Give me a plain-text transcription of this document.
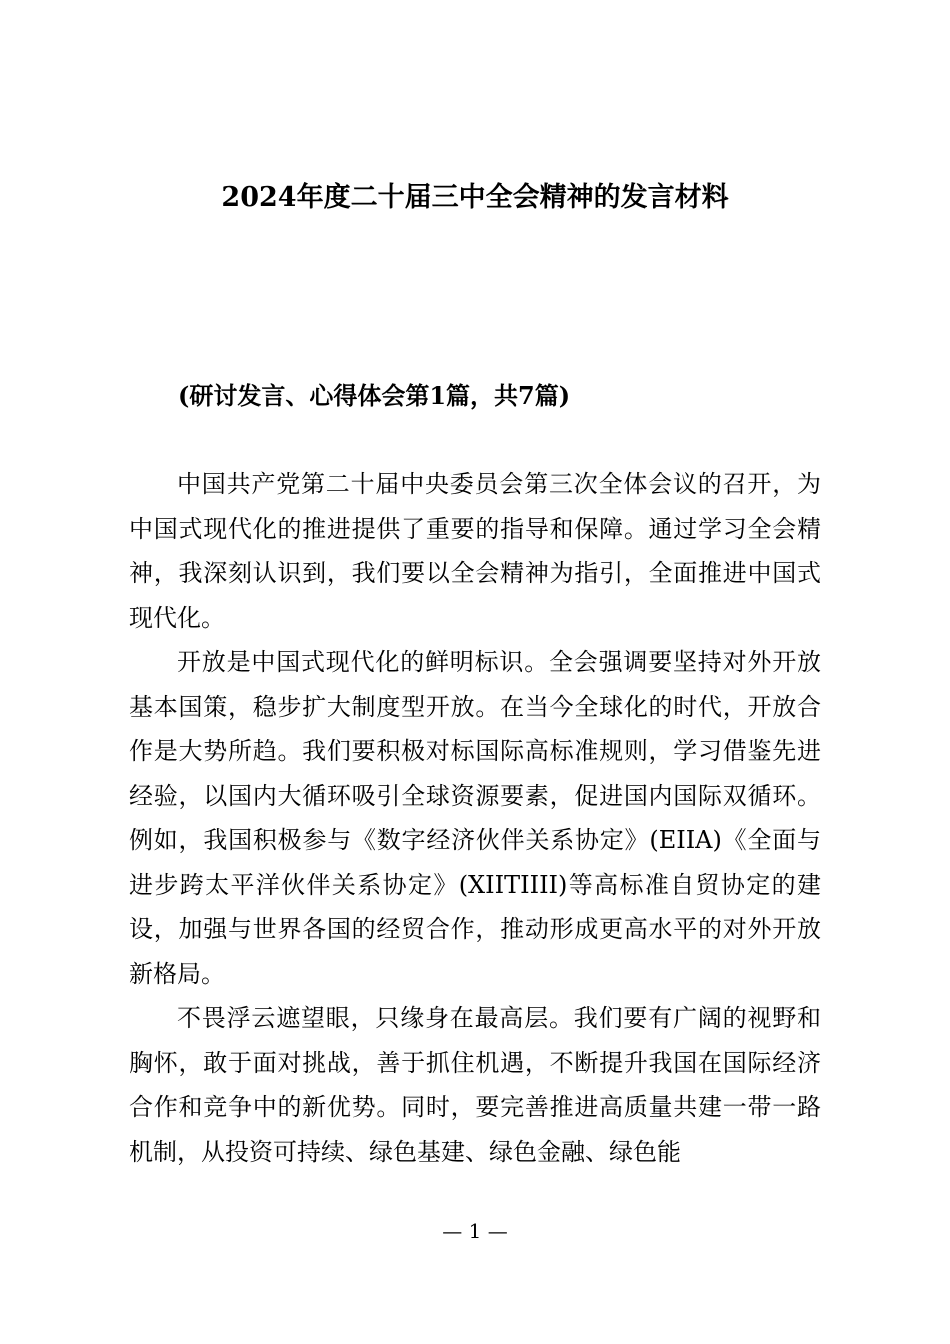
2024年度二十届三中全会精神的发言材料

(研讨发言、心得体会第1篇，共7篇)

中国共产党第二十届中央委员会第三次全体会议的召开，为中国式现代化的推进提供了重要的指导和保障。通过学习全会精神，我深刻认识到，我们要以全会精神为指引，全面推进中国式现代化。

开放是中国式现代化的鲜明标识。全会强调要坚持对外开放基本国策，稳步扩大制度型开放。在当今全球化的时代，开放合作是大势所趋。我们要积极对标国际高标准规则，学习借鉴先进经验，以国内大循环吸引全球资源要素，促进国内国际双循环。例如，我国积极参与《数字经济伙伴关系协定》(EIIA)《全面与进步跨太平洋伙伴关系协定》(XIITIIII)等高标准自贸协定的建设，加强与世界各国的经贸合作，推动形成更高水平的对外开放新格局。

不畏浮云遮望眼，只缘身在最高层。我们要有广阔的视野和胸怀，敢于面对挑战，善于抓住机遇，不断提升我国在国际经济合作和竞争中的新优势。同时，要完善推进高质量共建一带一路机制，从投资可持续、绿色基建、绿色金融、绿色能

— 1 —
